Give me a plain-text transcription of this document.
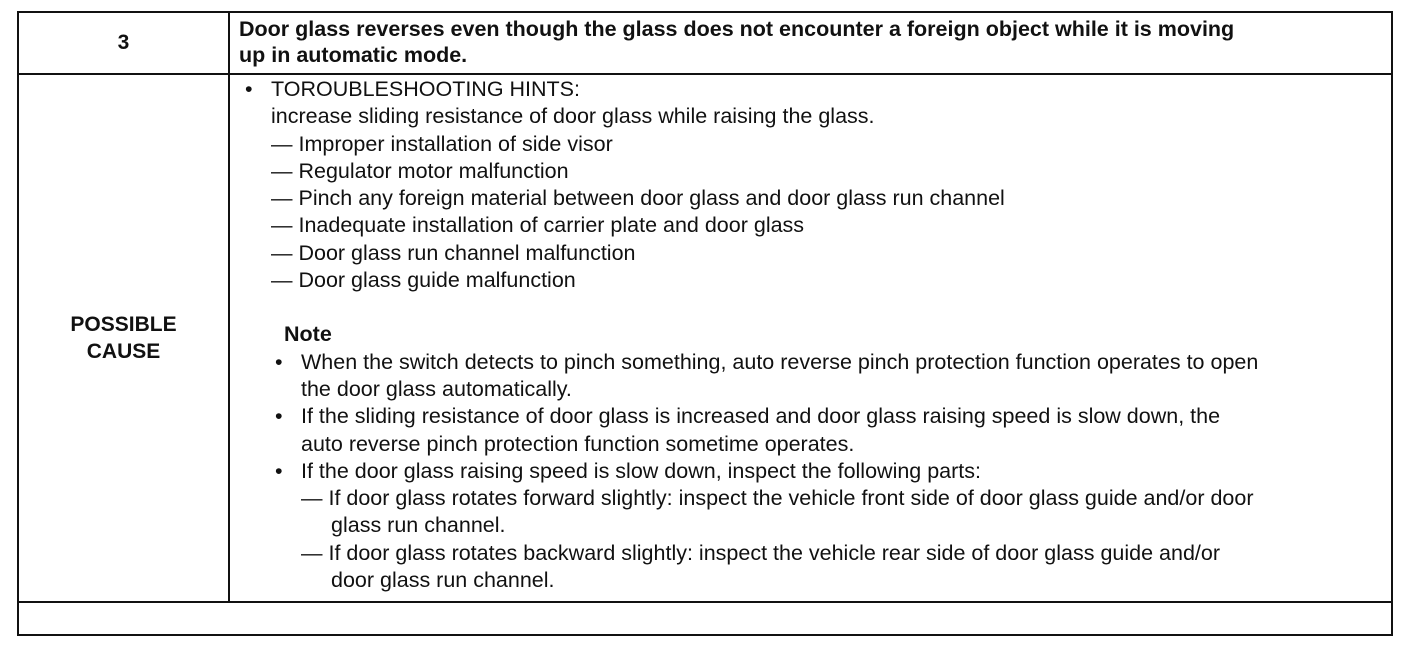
3
Door glass reverses even though the glass does not encounter a foreign object while it is moving
up in automatic mode.
POSSIBLE
CAUSE
• TOROUBLESHOOTING HINTS:
increase sliding resistance of door glass while raising the glass.
— Improper installation of side visor
— Regulator motor malfunction
— Pinch any foreign material between door glass and door glass run channel
— Inadequate installation of carrier plate and door glass
— Door glass run channel malfunction
— Door glass guide malfunction
Note
• When the switch detects to pinch something, auto reverse pinch protection function operates to open
the door glass automatically.
• If the sliding resistance of door glass is increased and door glass raising speed is slow down, the
auto reverse pinch protection function sometime operates.
• If the door glass raising speed is slow down, inspect the following parts:
— If door glass rotates forward slightly: inspect the vehicle front side of door glass guide and/or door
glass run channel.
— If door glass rotates backward slightly: inspect the vehicle rear side of door glass guide and/or
door glass run channel.
